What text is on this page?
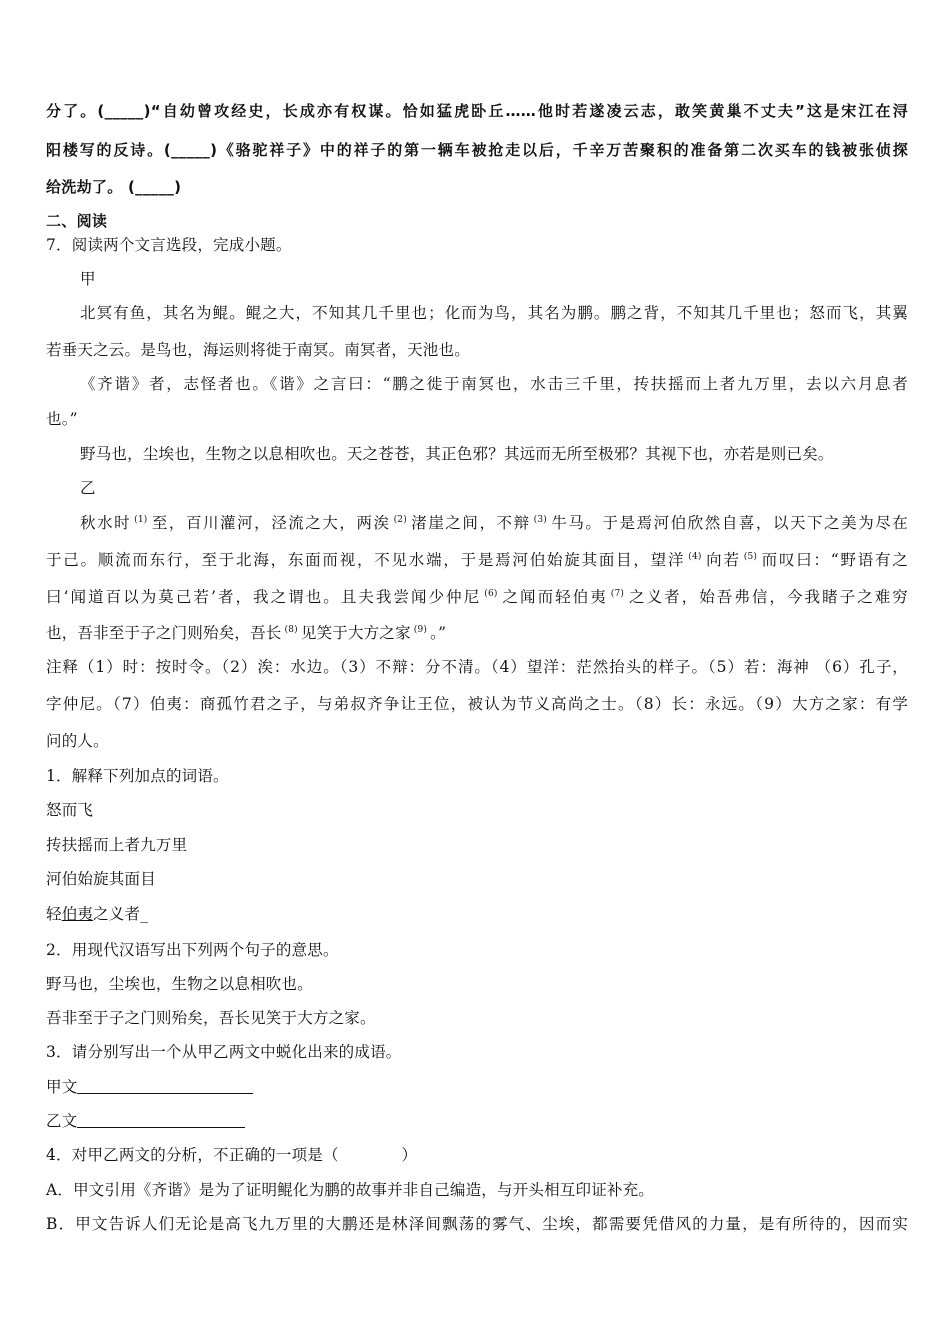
分了。(_____)“自幼曾攻经史，长成亦有权谋。恰如猛虎卧丘……他时若遂凌云志，敢笑黄巢不丈夫”这是宋江在浔
阳楼写的反诗。(_____)《骆驼祥子》中的祥子的第一辆车被抢走以后，千辛万苦聚积的准备第二次买车的钱被张侦探
给洗劫了。 (_____)
二、阅读
7．阅读两个文言选段，完成小题。
甲
北冥有鱼，其名为鲲。鲲之大，不知其几千里也；化而为鸟，其名为鹏。鹏之背，不知其几千里也；怒而飞，其翼
若垂天之云。是鸟也，海运则将徙于南冥。南冥者，天池也。
《齐谐》者，志怪者也。《谐》之言曰：“鹏之徙于南冥也，水击三千里，抟扶摇而上者九万里，去以六月息者
也。”
野马也，尘埃也，生物之以息相吹也。天之苍苍，其正色邪？其远而无所至极邪？其视下也，亦若是则已矣。
乙
秋水时 $^{(1)}$ 至，百川灌河，泾流之大，两涘 $^{(2)}$ 渚崖之间，不辩 $^{(3)}$ 牛马。于是焉河伯欣然自喜，以天下之美为尽在
于己。顺流而东行，至于北海，东面而视，不见水端，于是焉河伯始旋其面目，望洋 $^{(4)}$ 向若 $^{(5)}$ 而叹曰：“野语有之
曰‘闻道百以为莫己若’者，我之谓也。且夫我尝闻少仲尼 $^{(6)}$ 之闻而轻伯夷 $^{(7)}$ 之义者，始吾弗信，今我睹子之难穷
也，吾非至于子之门则殆矣，吾长 $^{(8)}$ 见笑于大方之家 $^{(9)}$ 。”
注释（1）时：按时令。（2）涘：水边。（3）不辩：分不清。（4）望洋：茫然抬头的样子。（5）若：海神 （6）孔子，
字仲尼。（7）伯夷：商孤竹君之子，与弟叔齐争让王位，被认为节义高尚之士。（8）长：永远。（9）大方之家：有学
问的人。
1．解释下列加点的词语。
怒而飞
抟扶摇而上者九万里
河伯始旋其面目
轻伯夷之义者_
2．用现代汉语写出下列两个句子的意思。
野马也，尘埃也，生物之以息相吹也。
吾非至于子之门则殆矣，吾长见笑于大方之家。
3．请分别写出一个从甲乙两文中蜕化出来的成语。
甲文
乙文
4．对甲乙两文的分析，不正确的一项是（　　　　）
A．甲文引用《齐谐》是为了证明鲲化为鹏的故事并非自己编造，与开头相互印证补充。
B．甲文告诉人们无论是高飞九万里的大鹏还是林泽间飘荡的雾气、尘埃，都需要凭借风的力量，是有所待的，因而实
